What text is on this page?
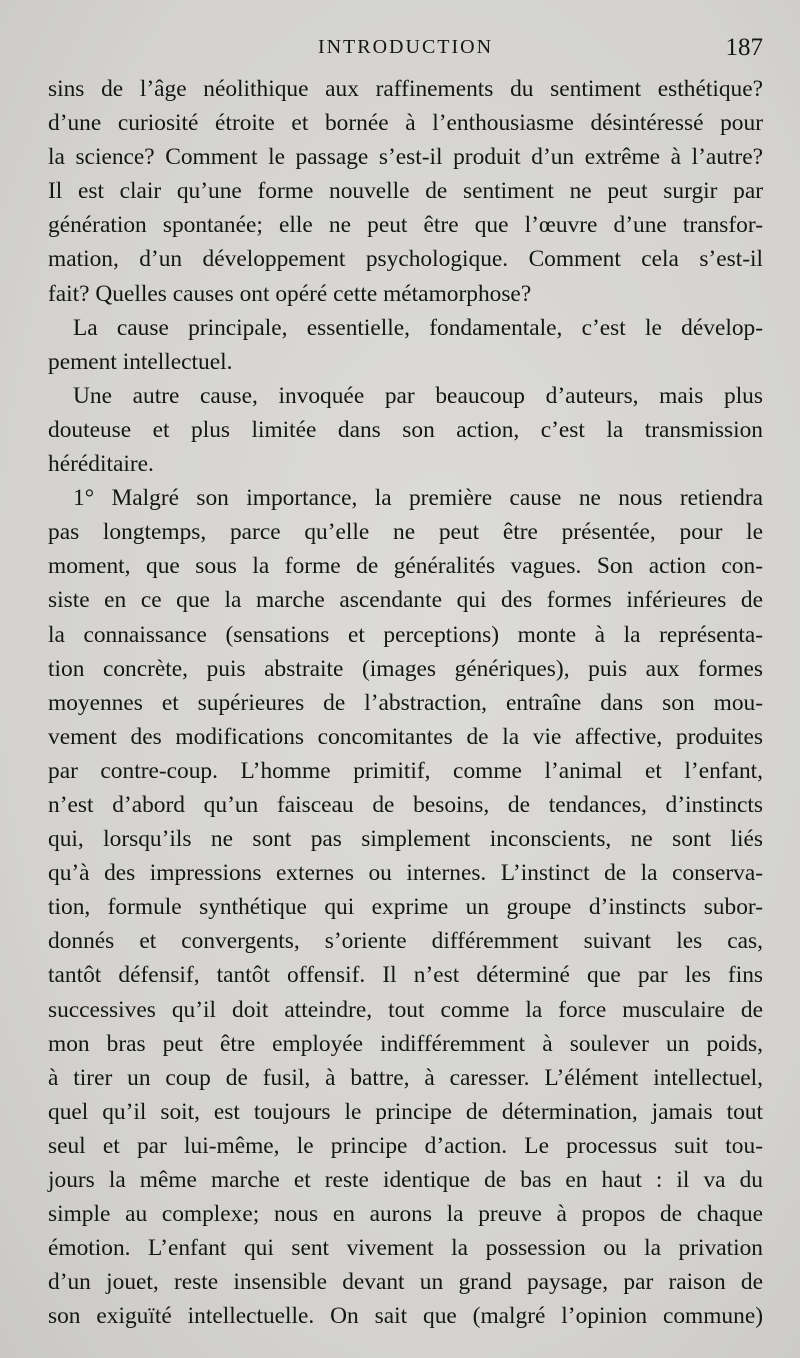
INTRODUCTION	187
sins de l’âge néolithique aux raffinements du sentiment esthétique?
d’une curiosité étroite et bornée à l’enthousiasme désintéressé pour
la science? Comment le passage s’est-il produit d’un extrême à l’autre?
Il est clair qu’une forme nouvelle de sentiment ne peut surgir par
génération spontanée; elle ne peut être que l’œuvre d’une transfor-
mation, d’un développement psychologique. Comment cela s’est-il
fait? Quelles causes ont opéré cette métamorphose?
La cause principale, essentielle, fondamentale, c’est le dévelop-
pement intellectuel.
Une autre cause, invoquée par beaucoup d’auteurs, mais plus
douteuse et plus limitée dans son action, c’est la transmission
héréditaire.
1° Malgré son importance, la première cause ne nous retiendra
pas longtemps, parce qu’elle ne peut être présentée, pour le
moment, que sous la forme de généralités vagues. Son action con-
siste en ce que la marche ascendante qui des formes inférieures de
la connaissance (sensations et perceptions) monte à la représenta-
tion concrète, puis abstraite (images génériques), puis aux formes
moyennes et supérieures de l’abstraction, entraîne dans son mou-
vement des modifications concomitantes de la vie affective, produites
par contre-coup. L’homme primitif, comme l’animal et l’enfant,
n’est d’abord qu’un faisceau de besoins, de tendances, d’instincts
qui, lorsqu’ils ne sont pas simplement inconscients, ne sont liés
qu’à des impressions externes ou internes. L’instinct de la conserva-
tion, formule synthétique qui exprime un groupe d’instincts subor-
donnés et convergents, s’oriente différemment suivant les cas,
tantôt défensif, tantôt offensif. Il n’est déterminé que par les fins
successives qu’il doit atteindre, tout comme la force musculaire de
mon bras peut être employée indifféremment à soulever un poids,
à tirer un coup de fusil, à battre, à caresser. L’élément intellectuel,
quel qu’il soit, est toujours le principe de détermination, jamais tout
seul et par lui-même, le principe d’action. Le processus suit tou-
jours la même marche et reste identique de bas en haut : il va du
simple au complexe; nous en aurons la preuve à propos de chaque
émotion. L’enfant qui sent vivement la possession ou la privation
d’un jouet, reste insensible devant un grand paysage, par raison de
son exiguïté intellectuelle. On sait que (malgré l’opinion commune)
